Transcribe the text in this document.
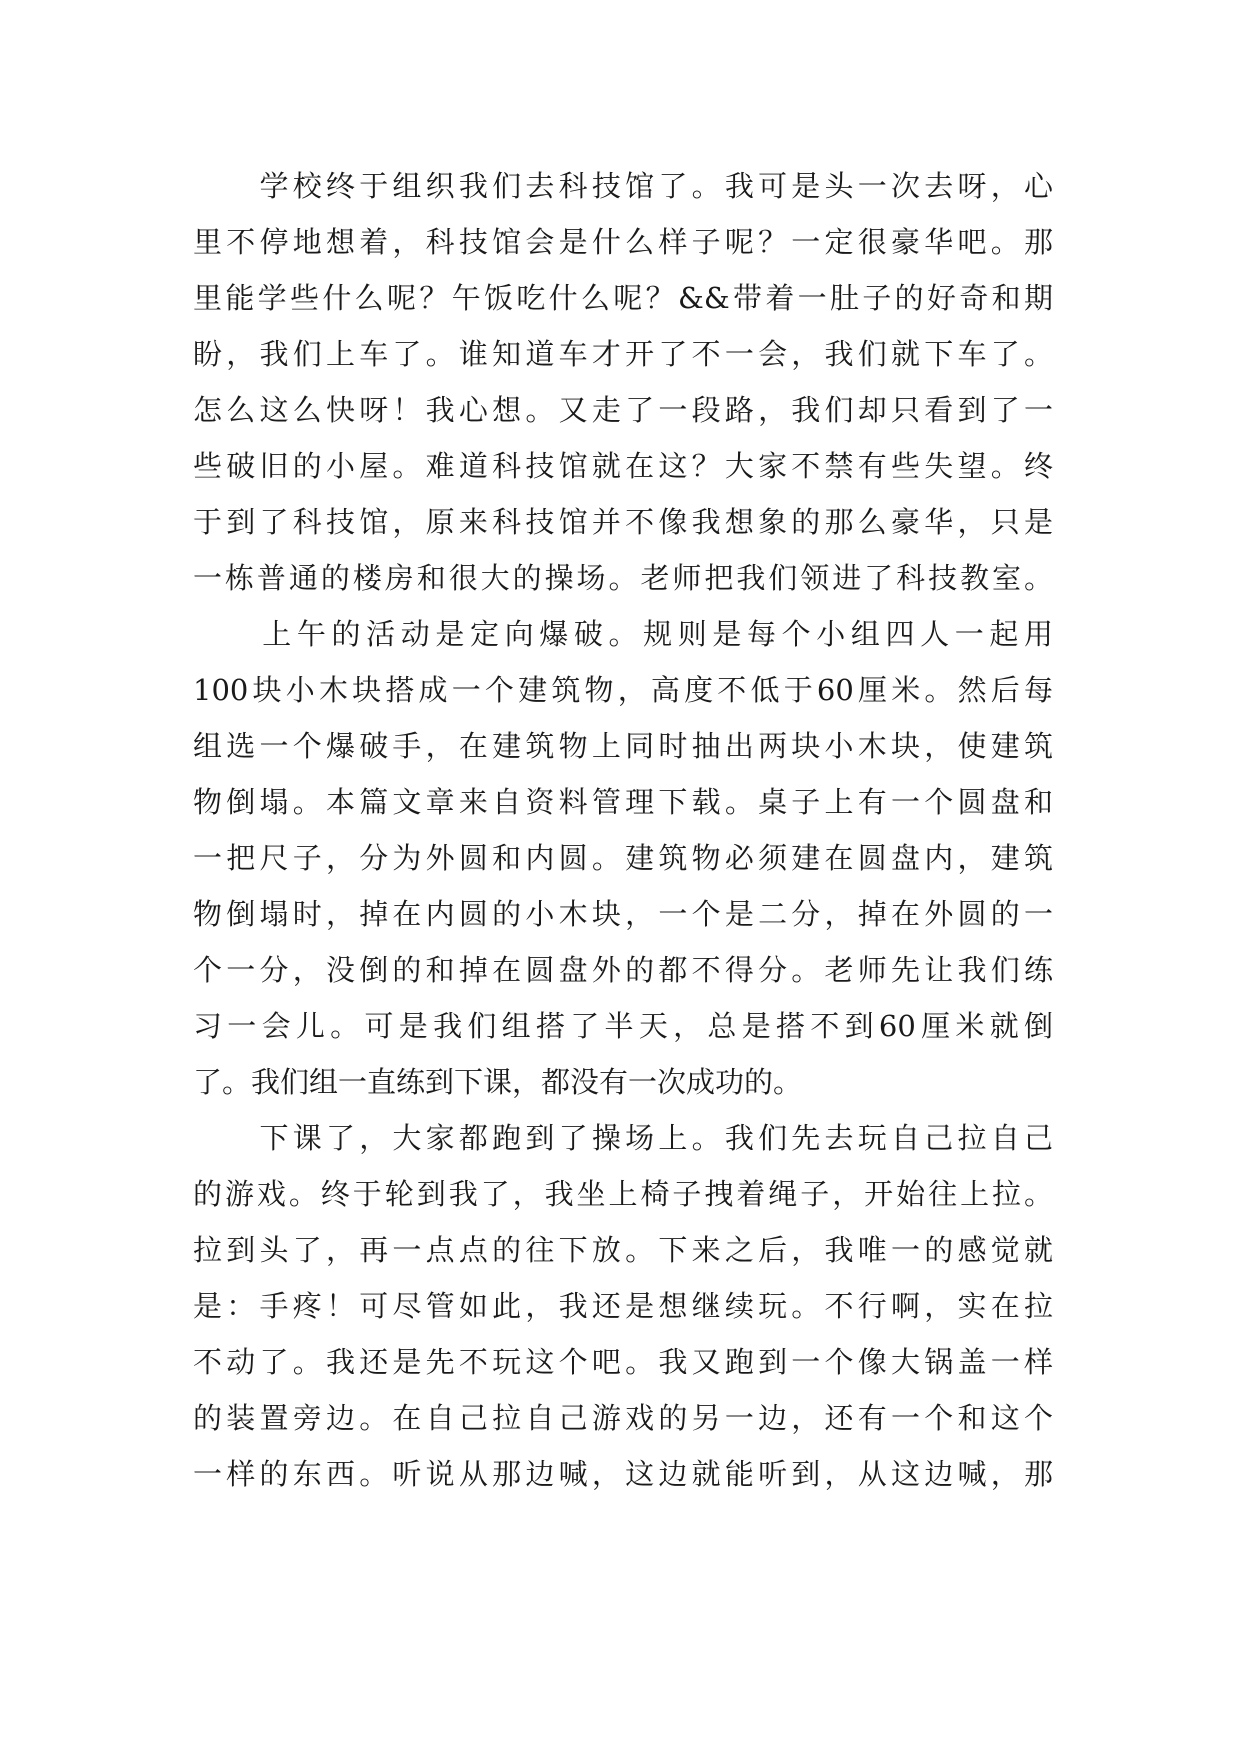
　　学校终于组织我们去科技馆了。我可是头一次去呀，心
里不停地想着，科技馆会是什么样子呢？一定很豪华吧。那
里能学些什么呢？午饭吃什么呢？&&带着一肚子的好奇和期
盼，我们上车了。谁知道车才开了不一会，我们就下车了。
怎么这么快呀！我心想。又走了一段路，我们却只看到了一
些破旧的小屋。难道科技馆就在这？大家不禁有些失望。终
于到了科技馆，原来科技馆并不像我想象的那么豪华，只是
一栋普通的楼房和很大的操场。老师把我们领进了科技教室。
　　上午的活动是定向爆破。规则是每个小组四人一起用
100块小木块搭成一个建筑物，高度不低于60厘米。然后每
组选一个爆破手，在建筑物上同时抽出两块小木块，使建筑
物倒塌。本篇文章来自资料管理下载。桌子上有一个圆盘和
一把尺子，分为外圆和内圆。建筑物必须建在圆盘内，建筑
物倒塌时，掉在内圆的小木块，一个是二分，掉在外圆的一
个一分，没倒的和掉在圆盘外的都不得分。老师先让我们练
习一会儿。可是我们组搭了半天，总是搭不到60厘米就倒
了。我们组一直练到下课，都没有一次成功的。
　　下课了，大家都跑到了操场上。我们先去玩自己拉自己
的游戏。终于轮到我了，我坐上椅子拽着绳子，开始往上拉。
拉到头了，再一点点的往下放。下来之后，我唯一的感觉就
是：手疼！可尽管如此，我还是想继续玩。不行啊，实在拉
不动了。我还是先不玩这个吧。我又跑到一个像大锅盖一样
的装置旁边。在自己拉自己游戏的另一边，还有一个和这个
一样的东西。听说从那边喊，这边就能听到，从这边喊，那
